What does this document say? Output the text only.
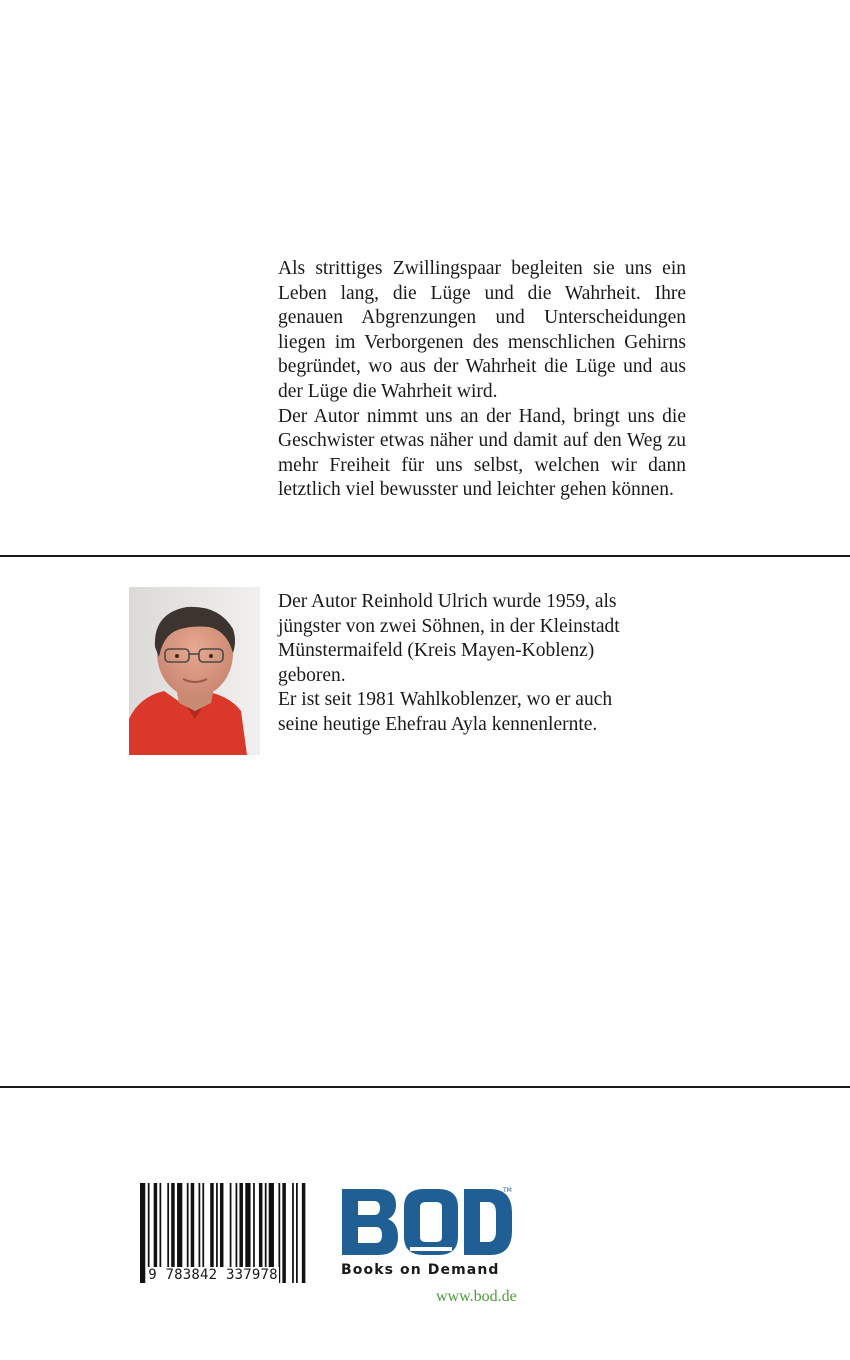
Als strittiges Zwillingspaar begleiten sie uns ein Leben lang, die Lüge und die Wahrheit. Ihre genauen Abgrenzungen und Unterscheidungen liegen im Verborgenen des menschlichen Gehirns begründet, wo aus der Wahrheit die Lüge und aus der Lüge die Wahrheit wird.

Der Autor nimmt uns an der Hand, bringt uns die Geschwister etwas näher und damit auf den Weg zu mehr Freiheit für uns selbst, welchen wir dann letztlich viel bewusster und leichter gehen können.

Der Autor Reinhold Ulrich wurde 1959, als

jüngster von zwei Söhnen, in der Kleinstadt

Münstermaifeld (Kreis Mayen-Koblenz)

geboren.

Er ist seit 1981 Wahlkoblenzer, wo er auch

seine heutige Ehefrau Ayla kennenlernte.

9 783842 337978
TM
Books on Demand
www.bod.de
